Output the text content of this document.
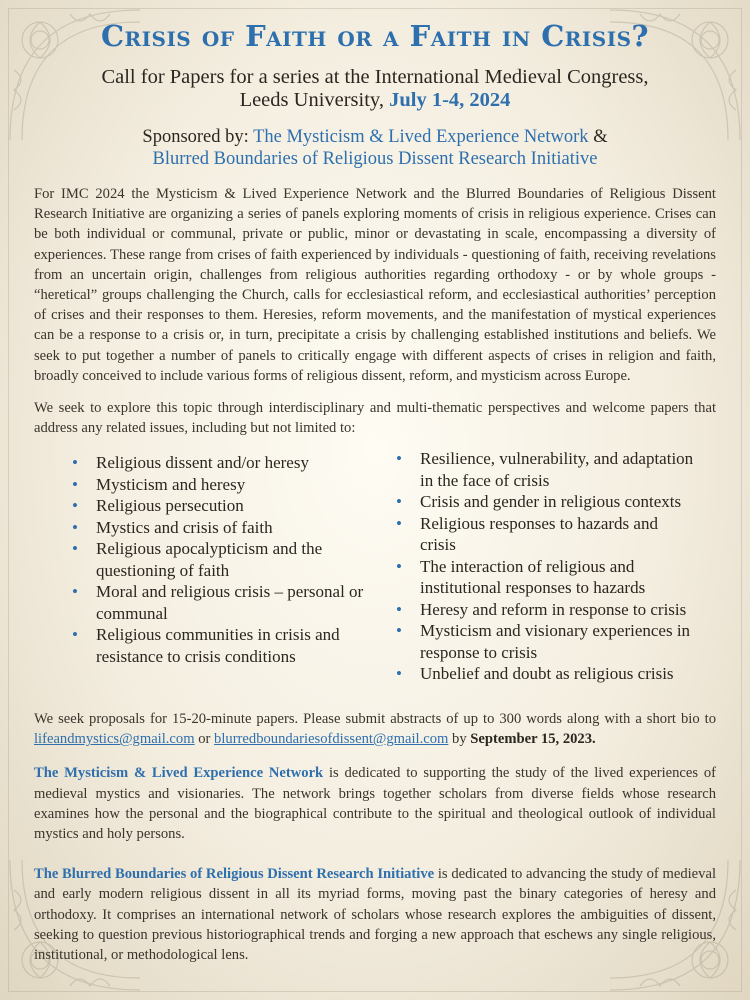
Crisis of Faith or a Faith in Crisis?
Call for Papers for a series at the International Medieval Congress,
Leeds University, July 1-4, 2024
Sponsored by: The Mysticism & Lived Experience Network &
Blurred Boundaries of Religious Dissent Research Initiative

For IMC 2024 the Mysticism & Lived Experience Network and the Blurred Boundaries of Religious Dissent Research Initiative are organizing a series of panels exploring moments of crisis in religious experience. Crises can be both individual or communal, private or public, minor or devastating in scale, encompassing a diversity of experiences. These range from crises of faith experienced by individuals - questioning of faith, receiving revelations from an uncertain origin, challenges from religious authorities regarding orthodoxy - or by whole groups - “heretical” groups challenging the Church, calls for ecclesiastical reform, and ecclesiastical authorities’ perception of crises and their responses to them. Heresies, reform movements, and the manifestation of mystical experiences can be a response to a crisis or, in turn, precipitate a crisis by challenging established institutions and beliefs. We seek to put together a number of panels to critically engage with different aspects of crises in religion and faith, broadly conceived to include various forms of religious dissent, reform, and mysticism across Europe.

We seek to explore this topic through interdisciplinary and multi-thematic perspectives and welcome papers that address any related issues, including but not limited to:

• Religious dissent and/or heresy
• Mysticism and heresy
• Religious persecution
• Mystics and crisis of faith
• Religious apocalypticism and the questioning of faith
• Moral and religious crisis – personal or communal
• Religious communities in crisis and resistance to crisis conditions
• Resilience, vulnerability, and adaptation in the face of crisis
• Crisis and gender in religious contexts
• Religious responses to hazards and crisis
• The interaction of religious and institutional responses to hazards
• Heresy and reform in response to crisis
• Mysticism and visionary experiences in response to crisis
• Unbelief and doubt as religious crisis

We seek proposals for 15-20-minute papers. Please submit abstracts of up to 300 words along with a short bio to lifeandmystics@gmail.com or blurredboundariesofdissent@gmail.com by September 15, 2023.

The Mysticism & Lived Experience Network is dedicated to supporting the study of the lived experiences of medieval mystics and visionaries. The network brings together scholars from diverse fields whose research examines how the personal and the biographical contribute to the spiritual and theological outlook of individual mystics and holy persons.

The Blurred Boundaries of Religious Dissent Research Initiative is dedicated to advancing the study of medieval and early modern religious dissent in all its myriad forms, moving past the binary categories of heresy and orthodoxy. It comprises an international network of scholars whose research explores the ambiguities of dissent, seeking to question previous historiographical trends and forging a new approach that eschews any single religious, institutional, or methodological lens.
